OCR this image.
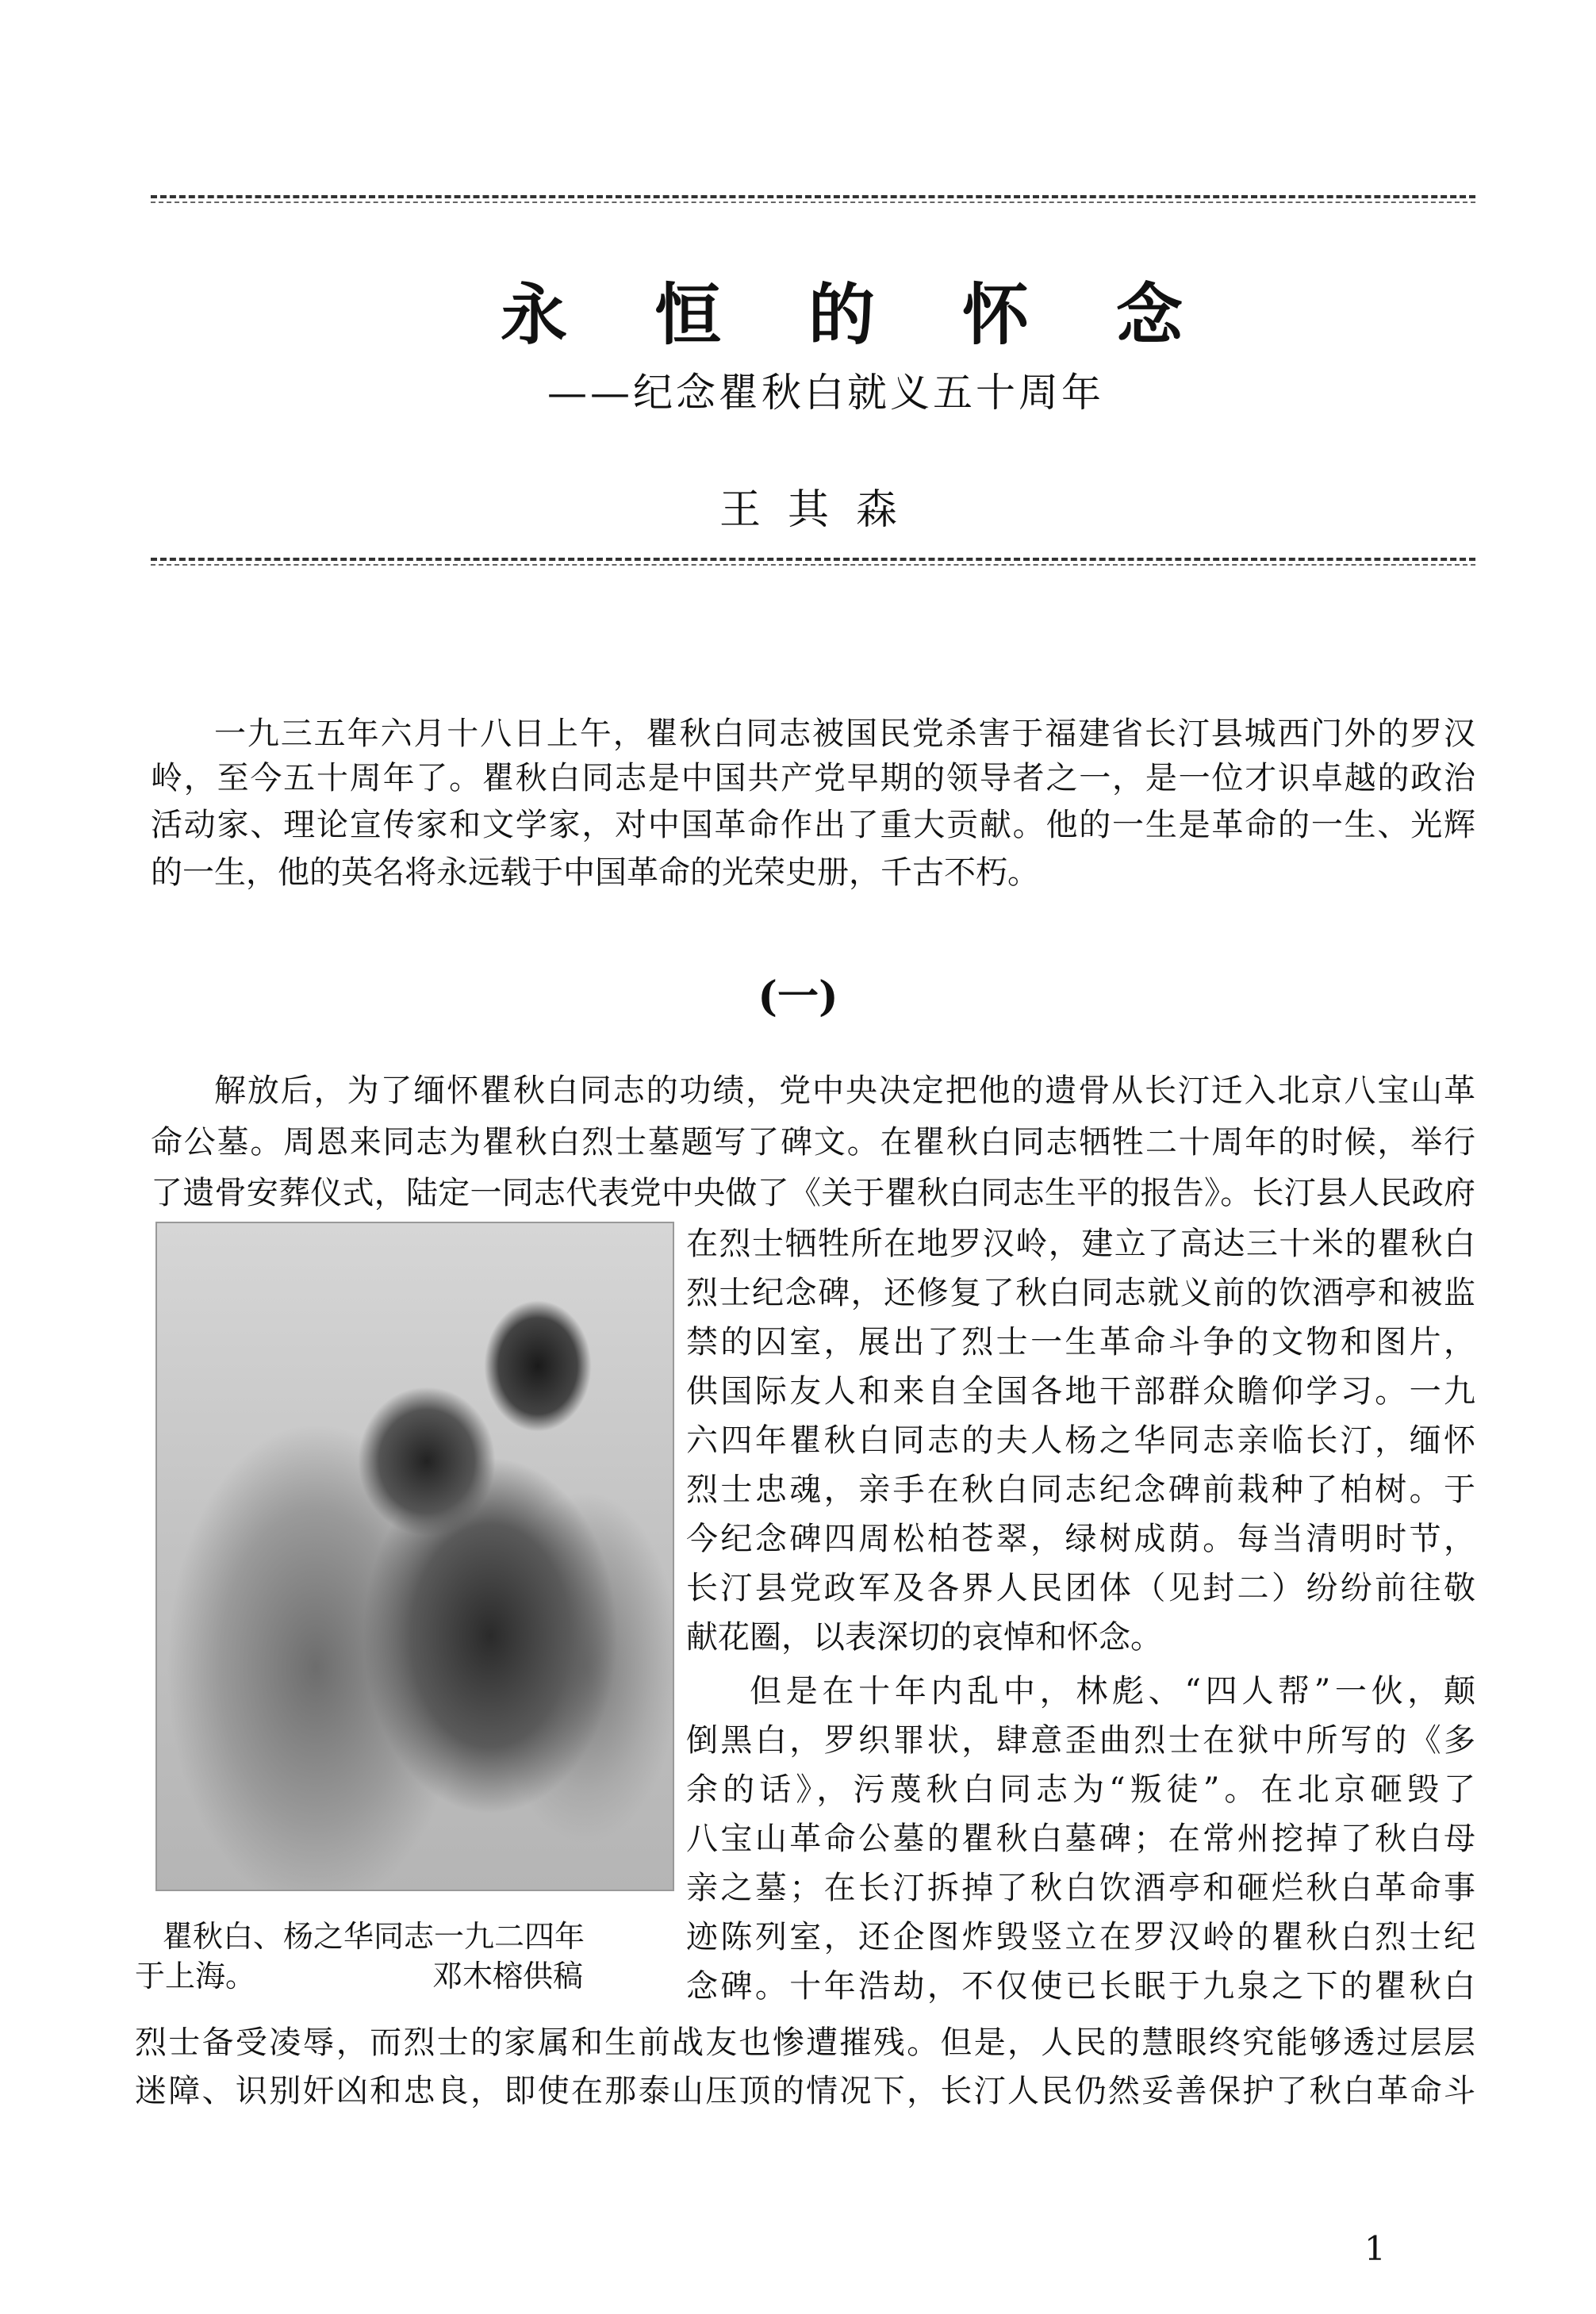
永恒的怀念
——纪念瞿秋白就义五十周年
王其森
一九三五年六月十八日上午，瞿秋白同志被国民党杀害于福建省长汀县城西门外的罗汉
岭，至今五十周年了。瞿秋白同志是中国共产党早期的领导者之一，是一位才识卓越的政治
活动家、理论宣传家和文学家，对中国革命作出了重大贡献。他的一生是革命的一生、光辉
的一生，他的英名将永远载于中国革命的光荣史册，千古不朽。
(一)
解放后，为了缅怀瞿秋白同志的功绩，党中央决定把他的遗骨从长汀迁入北京八宝山革
命公墓。周恩来同志为瞿秋白烈士墓题写了碑文。在瞿秋白同志牺牲二十周年的时候，举行
了遗骨安葬仪式，陆定一同志代表党中央做了《关于瞿秋白同志生平的报告》。长汀县人民政府
瞿秋白、杨之华同志一九二四年
于上海。	邓木榕供稿
在烈士牺牲所在地罗汉岭，建立了高达三十米的瞿秋白
烈士纪念碑，还修复了秋白同志就义前的饮酒亭和被监
禁的囚室，展出了烈士一生革命斗争的文物和图片，
供国际友人和来自全国各地干部群众瞻仰学习。一九
六四年瞿秋白同志的夫人杨之华同志亲临长汀，缅怀
烈士忠魂，亲手在秋白同志纪念碑前栽种了柏树。于
今纪念碑四周松柏苍翠，绿树成荫。每当清明时节，
长汀县党政军及各界人民团体（见封二）纷纷前往敬
献花圈，以表深切的哀悼和怀念。
但是在十年内乱中，林彪、“四人帮”一伙，颠
倒黑白，罗织罪状，肆意歪曲烈士在狱中所写的《多
余的话》，污蔑秋白同志为“叛徒”。在北京砸毁了
八宝山革命公墓的瞿秋白墓碑；在常州挖掉了秋白母
亲之墓；在长汀拆掉了秋白饮酒亭和砸烂秋白革命事
迹陈列室，还企图炸毁竖立在罗汉岭的瞿秋白烈士纪
念碑。十年浩劫，不仅使已长眠于九泉之下的瞿秋白
烈士备受凌辱，而烈士的家属和生前战友也惨遭摧残。但是，人民的慧眼终究能够透过层层
迷障、识别奸凶和忠良，即使在那泰山压顶的情况下，长汀人民仍然妥善保护了秋白革命斗
1
